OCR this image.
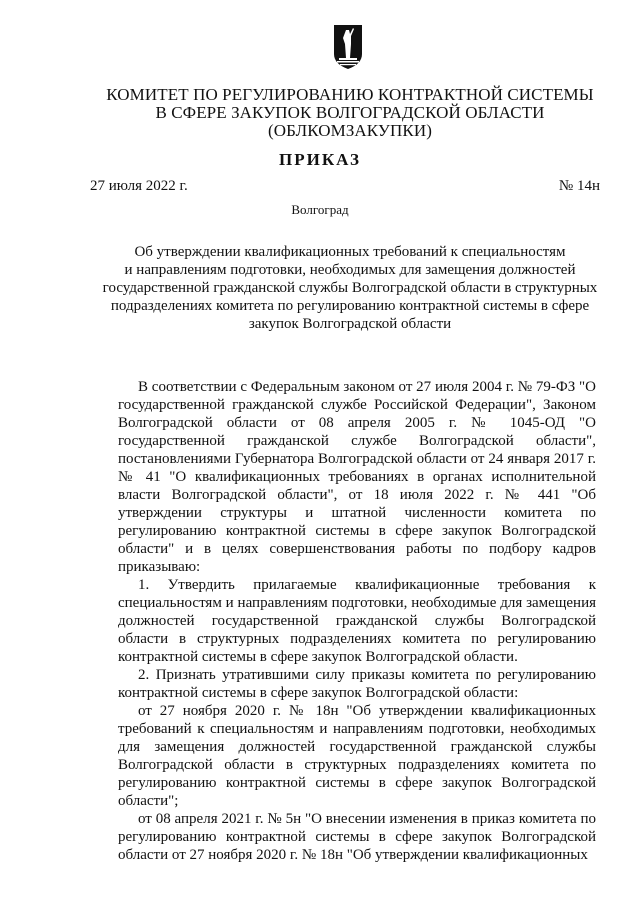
КОМИТЕТ ПО РЕГУЛИРОВАНИЮ КОНТРАКТНОЙ СИСТЕМЫ
В СФЕРЕ ЗАКУПОК ВОЛГОГРАДСКОЙ ОБЛАСТИ
(ОБЛКОМЗАКУПКИ)
ПРИКАЗ
27 июля 2022 г.	№ 14н
Волгоград
Об утверждении квалификационных требований к специальностям
и направлениям подготовки, необходимых для замещения должностей
государственной гражданской службы Волгоградской области в структурных
подразделениях комитета по регулированию контрактной системы в сфере
закупок Волгоградской области

В соответствии с Федеральным законом от 27 июля 2004 г. № 79-ФЗ "О государственной гражданской службе Российской Федерации", Законом Волгоградской области от 08 апреля 2005 г. № 1045-ОД "О государственной гражданской службе Волгоградской области", постановлениями Губернатора Волгоградской области от 24 января 2017 г. № 41 "О квалификационных требованиях в органах исполнительной власти Волгоградской области", от 18 июля 2022 г. № 441 "Об утверждении структуры и штатной численности комитета по регулированию контрактной системы в сфере закупок Волгоградской области" и в целях совершенствования работы по подбору кадров приказываю:

1. Утвердить прилагаемые квалификационные требования к специальностям и направлениям подготовки, необходимые для замещения должностей государственной гражданской службы Волгоградской области в структурных подразделениях комитета по регулированию контрактной системы в сфере закупок Волгоградской области.

2. Признать утратившими силу приказы комитета по регулированию контрактной системы в сфере закупок Волгоградской области:

от 27 ноября 2020 г. № 18н "Об утверждении квалификационных требований к специальностям и направлениям подготовки, необходимых для замещения должностей государственной гражданской службы Волгоградской области в структурных подразделениях комитета по регулированию контрактной системы в сфере закупок Волгоградской области";

от 08 апреля 2021 г. № 5н "О внесении изменения в приказ комитета по регулированию контрактной системы в сфере закупок Волгоградской области от 27 ноября 2020 г. № 18н "Об утверждении квалификационных
